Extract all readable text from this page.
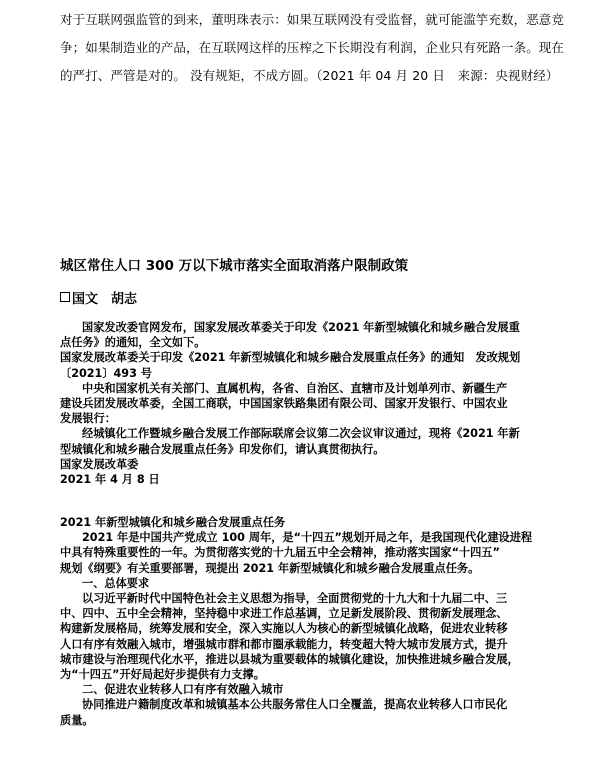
对于互联网强监管的到来，董明珠表示：如果互联网没有受监督，就可能滥竽充数，恶意竞

争；如果制造业的产品，在互联网这样的压榨之下长期没有利润，企业只有死路一条。现在

的严打、严管是对的。 没有规矩，不成方圆。（2021 年 04 月 20 日　来源：央视财经）

城区常住人口 300 万以下城市落实全面取消落户限制政策
国文　胡志

国家发改委官网发布，国家发展改革委关于印发《2021 年新型城镇化和城乡融合发展重

点任务》的通知，全文如下。

国家发展改革委关于印发《2021 年新型城镇化和城乡融合发展重点任务》的通知　发改规划

〔2021〕493 号

中央和国家机关有关部门、直属机构，各省、自治区、直辖市及计划单列市、新疆生产

建设兵团发展改革委，全国工商联，中国国家铁路集团有限公司、国家开发银行、中国农业

发展银行：

经城镇化工作暨城乡融合发展工作部际联席会议第二次会议审议通过，现将《2021 年新

型城镇化和城乡融合发展重点任务》印发你们，请认真贯彻执行。

国家发展改革委

2021 年 4 月 8 日

2021 年新型城镇化和城乡融合发展重点任务

2021 年是中国共产党成立 100 周年，是“十四五”规划开局之年，是我国现代化建设进程

中具有特殊重要性的一年。为贯彻落实党的十九届五中全会精神，推动落实国家“十四五”

规划《纲要》有关重要部署，现提出 2021 年新型城镇化和城乡融合发展重点任务。

一、总体要求

以习近平新时代中国特色社会主义思想为指导，全面贯彻党的十九大和十九届二中、三

中、四中、五中全会精神，坚持稳中求进工作总基调，立足新发展阶段、贯彻新发展理念、

构建新发展格局，统筹发展和安全，深入实施以人为核心的新型城镇化战略，促进农业转移

人口有序有效融入城市，增强城市群和都市圈承载能力，转变超大特大城市发展方式，提升

城市建设与治理现代化水平，推进以县城为重要载体的城镇化建设，加快推进城乡融合发展，

为“十四五”开好局起好步提供有力支撑。

二、促进农业转移人口有序有效融入城市

协同推进户籍制度改革和城镇基本公共服务常住人口全覆盖，提高农业转移人口市民化

质量。
